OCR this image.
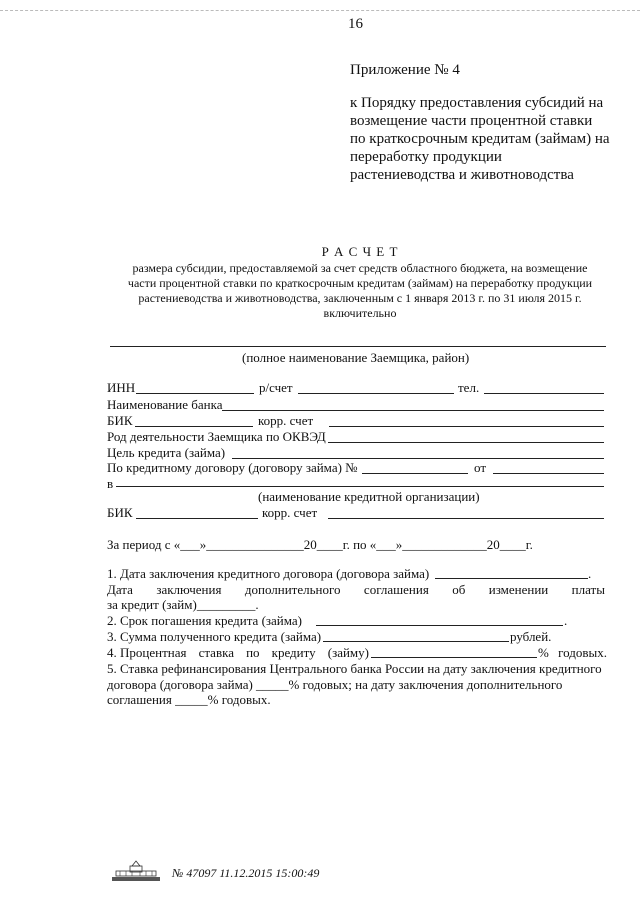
16
Приложение № 4
к Порядку предоставления субсидий на
возмещение части процентной ставки
по краткосрочным кредитам (займам) на
переработку продукции
растениеводства и животноводства
Р А С Ч Е Т
размера субсидии, предоставляемой за счет средств областного бюджета, на возмещение
части процентной ставки по краткосрочным кредитам (займам) на переработку продукции
растениеводства и животноводства, заключенным с 1 января 2013 г. по 31 июля 2015 г.
включительно
(полное наименование Заемщика, район)
ИНН	р/счет	тел.
Наименование банка
БИК	корр. счет
Род деятельности Заемщика по ОКВЭД
Цель кредита (займа)
По кредитному договору (договору займа) №	от
в
(наименование кредитной организации)
БИК	корр. счет
За период с «___»_______________20____г. по «___»_____________20____г.
1. Дата заключения кредитного договора (договора займа)	.
Дата заключения дополнительного соглашения об изменении платы
за кредит (займ)_________.
2. Срок погашения кредита (займа)	.
3. Сумма полученного кредита (займа)	рублей.
4. Процентная ставка по кредиту (займу)	% годовых.
5. Ставка рефинансирования Центрального банка России на дату заключения кредитного
договора (договора займа) _____% годовых; на дату заключения дополнительного
соглашения _____% годовых.
№ 47097 11.12.2015 15:00:49
